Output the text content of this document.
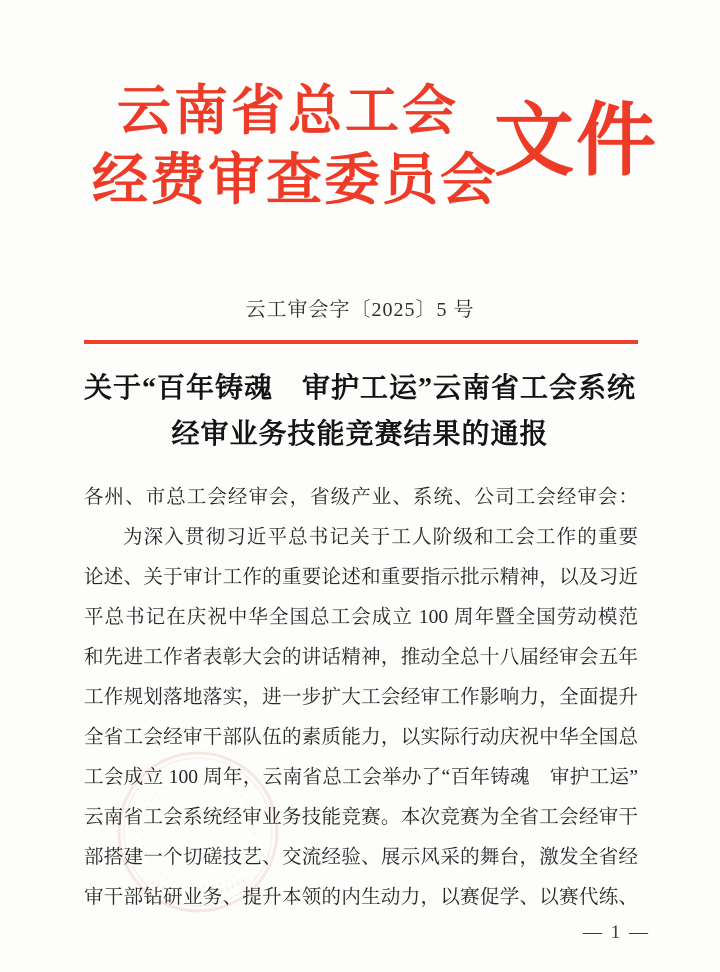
云南省总工会
经费审查委员会
文件
云工审会字〔2025〕5 号
关于“百年铸魂　审护工运”云南省工会系统
经审业务技能竞赛结果的通报
各州、市总工会经审会，省级产业、系统、公司工会经审会：
为深入贯彻习近平总书记关于工人阶级和工会工作的重要
论述、关于审计工作的重要论述和重要指示批示精神，以及习近
平总书记在庆祝中华全国总工会成立 100 周年暨全国劳动模范
和先进工作者表彰大会的讲话精神，推动全总十八届经审会五年
工作规划落地落实，进一步扩大工会经审工作影响力，全面提升
全省工会经审干部队伍的素质能力，以实际行动庆祝中华全国总
工会成立 100 周年，云南省总工会举办了“百年铸魂　审护工运”
云南省工会系统经审业务技能竞赛。本次竞赛为全省工会经审干
部搭建一个切磋技艺、交流经验、展示风采的舞台，激发全省经
审干部钻研业务、提升本领的内生动力，以赛促学、以赛代练、
— 1 —
